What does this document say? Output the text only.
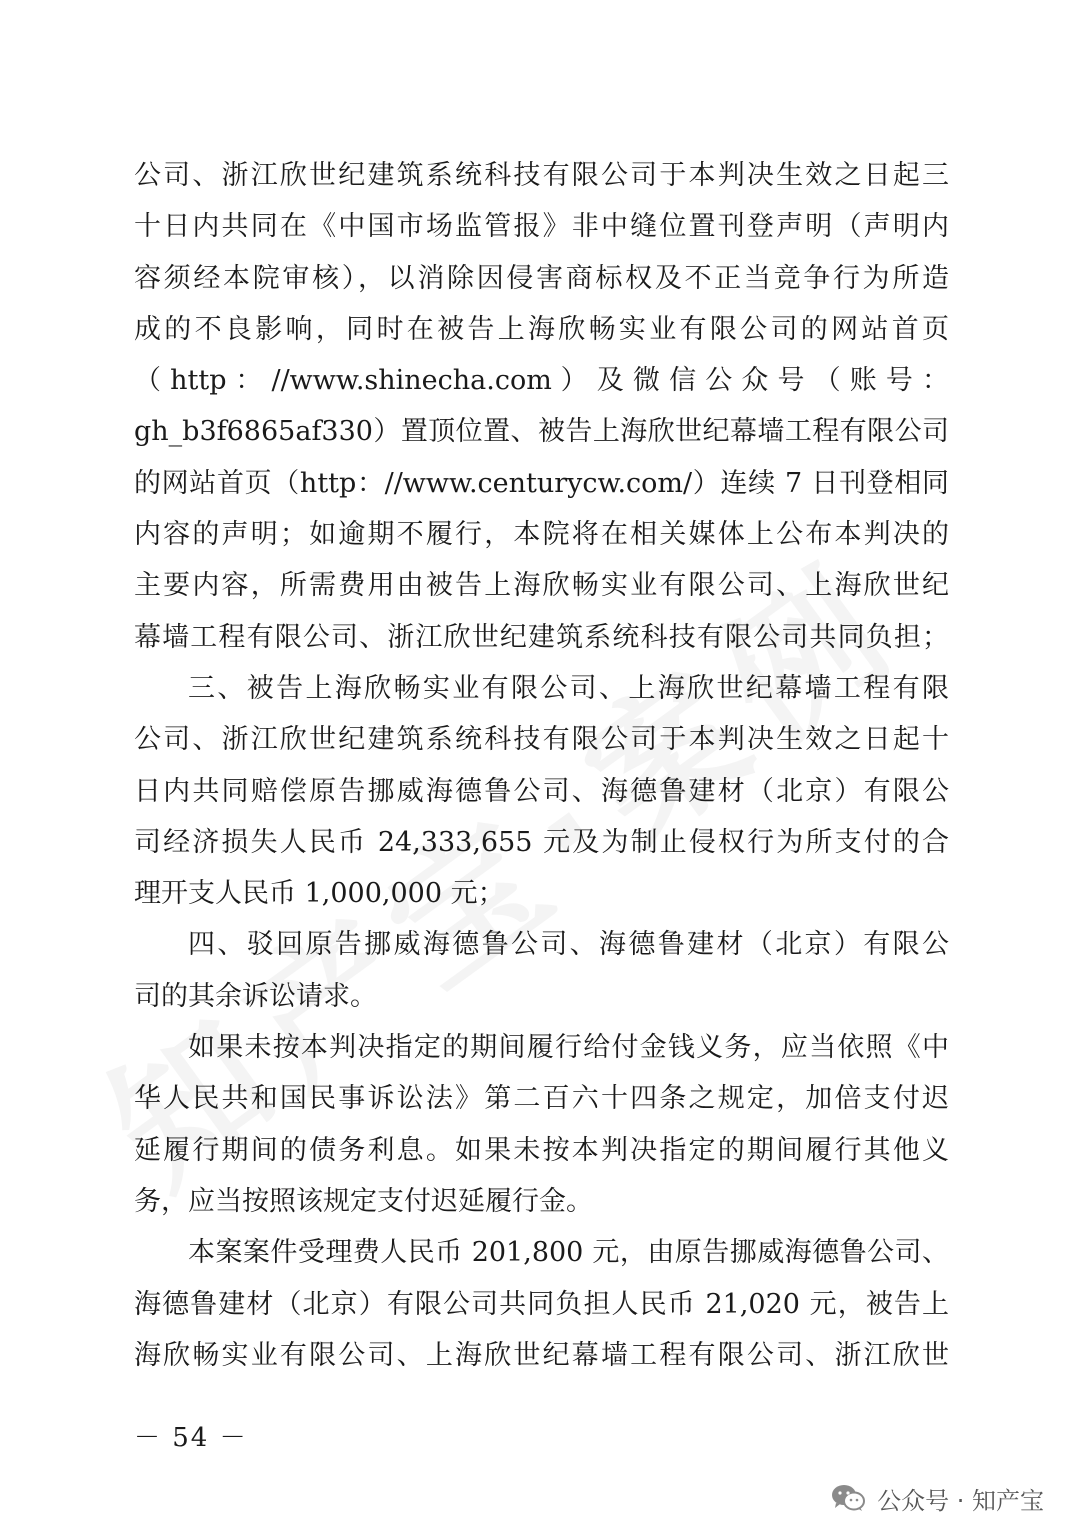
公司、浙江欣世纪建筑系统科技有限公司于本判决生效之日起三
十日内共同在《中国市场监管报》非中缝位置刊登声明（声明内
容须经本院审核），以消除因侵害商标权及不正当竞争行为所造
成的不良影响，同时在被告上海欣畅实业有限公司的网站首页
（ http ： //www.shinecha.com ） 及 微 信 公 众 号 （ 账 号 ：
gh_b3f6865af330）置顶位置、被告上海欣世纪幕墙工程有限公司
的网站首页（http：//www.centurycw.com/）连续 7 日刊登相同
内容的声明；如逾期不履行，本院将在相关媒体上公布本判决的
主要内容，所需费用由被告上海欣畅实业有限公司、上海欣世纪
幕墙工程有限公司、浙江欣世纪建筑系统科技有限公司共同负担；
三、被告上海欣畅实业有限公司、上海欣世纪幕墙工程有限
公司、浙江欣世纪建筑系统科技有限公司于本判决生效之日起十
日内共同赔偿原告挪威海德鲁公司、海德鲁建材（北京）有限公
司经济损失人民币 24,333,655 元及为制止侵权行为所支付的合
理开支人民币 1,000,000 元；
四、驳回原告挪威海德鲁公司、海德鲁建材（北京）有限公
司的其余诉讼请求。
如果未按本判决指定的期间履行给付金钱义务，应当依照《中
华人民共和国民事诉讼法》第二百六十四条之规定，加倍支付迟
延履行期间的债务利息。如果未按本判决指定的期间履行其他义
务，应当按照该规定支付迟延履行金。
本案案件受理费人民币 201,800 元，由原告挪威海德鲁公司、
海德鲁建材（北京）有限公司共同负担人民币 21,020 元，被告上
海欣畅实业有限公司、上海欣世纪幕墙工程有限公司、浙江欣世
－ 54 －
公众号 · 知产宝
